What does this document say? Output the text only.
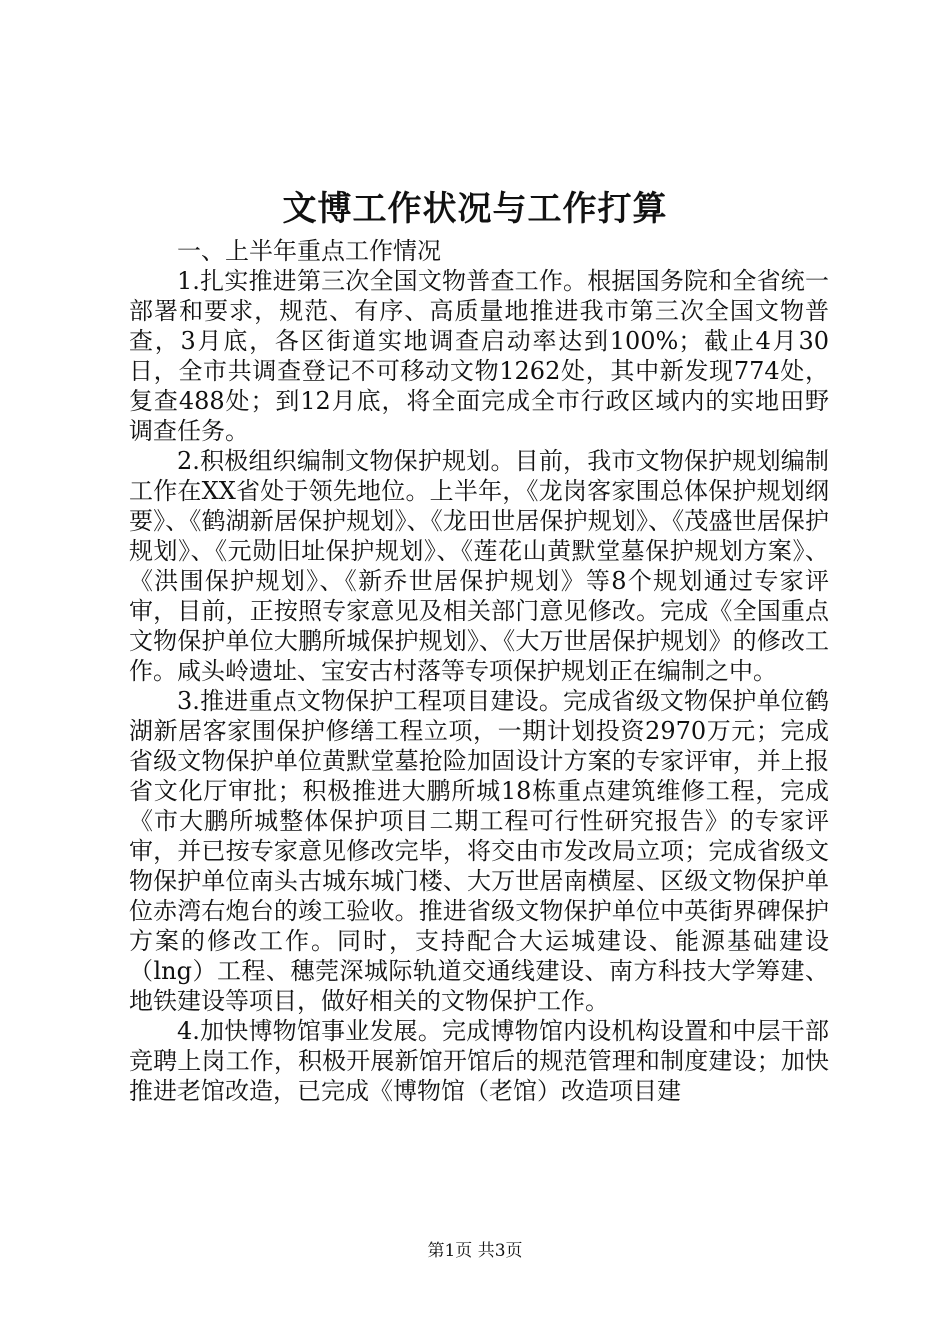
文博工作状况与工作打算

一、上半年重点工作情况

1.扎实推进第三次全国文物普查工作。根据国务院和全省统一部署和要求，规范、有序、高质量地推进我市第三次全国文物普查，3月底，各区街道实地调查启动率达到100%；截止4月30日，全市共调查登记不可移动文物1262处，其中新发现774处，复查488处；到12月底，将全面完成全市行政区域内的实地田野调查任务。

2.积极组织编制文物保护规划。目前，我市文物保护规划编制工作在XX省处于领先地位。上半年，《龙岗客家围总体保护规划纲要》、《鹤湖新居保护规划》、《龙田世居保护规划》、《茂盛世居保护规划》、《元勋旧址保护规划》、《莲花山黄默堂墓保护规划方案》、《洪围保护规划》、《新乔世居保护规划》等8个规划通过专家评审，目前，正按照专家意见及相关部门意见修改。完成《全国重点文物保护单位大鹏所城保护规划》、《大万世居保护规划》的修改工作。咸头岭遗址、宝安古村落等专项保护规划正在编制之中。

3.推进重点文物保护工程项目建设。完成省级文物保护单位鹤湖新居客家围保护修缮工程立项，一期计划投资2970万元；完成省级文物保护单位黄默堂墓抢险加固设计方案的专家评审，并上报省文化厅审批；积极推进大鹏所城18栋重点建筑维修工程，完成《市大鹏所城整体保护项目二期工程可行性研究报告》的专家评审，并已按专家意见修改完毕，将交由市发改局立项；完成省级文物保护单位南头古城东城门楼、大万世居南横屋、区级文物保护单位赤湾右炮台的竣工验收。推进省级文物保护单位中英街界碑保护方案的修改工作。同时，支持配合大运城建设、能源基础建设（lng）工程、穗莞深城际轨道交通线建设、南方科技大学筹建、地铁建设等项目，做好相关的文物保护工作。

4.加快博物馆事业发展。完成博物馆内设机构设置和中层干部竞聘上岗工作，积极开展新馆开馆后的规范管理和制度建设；加快推进老馆改造，已完成《博物馆（老馆）改造项目建

第1页 共3页
